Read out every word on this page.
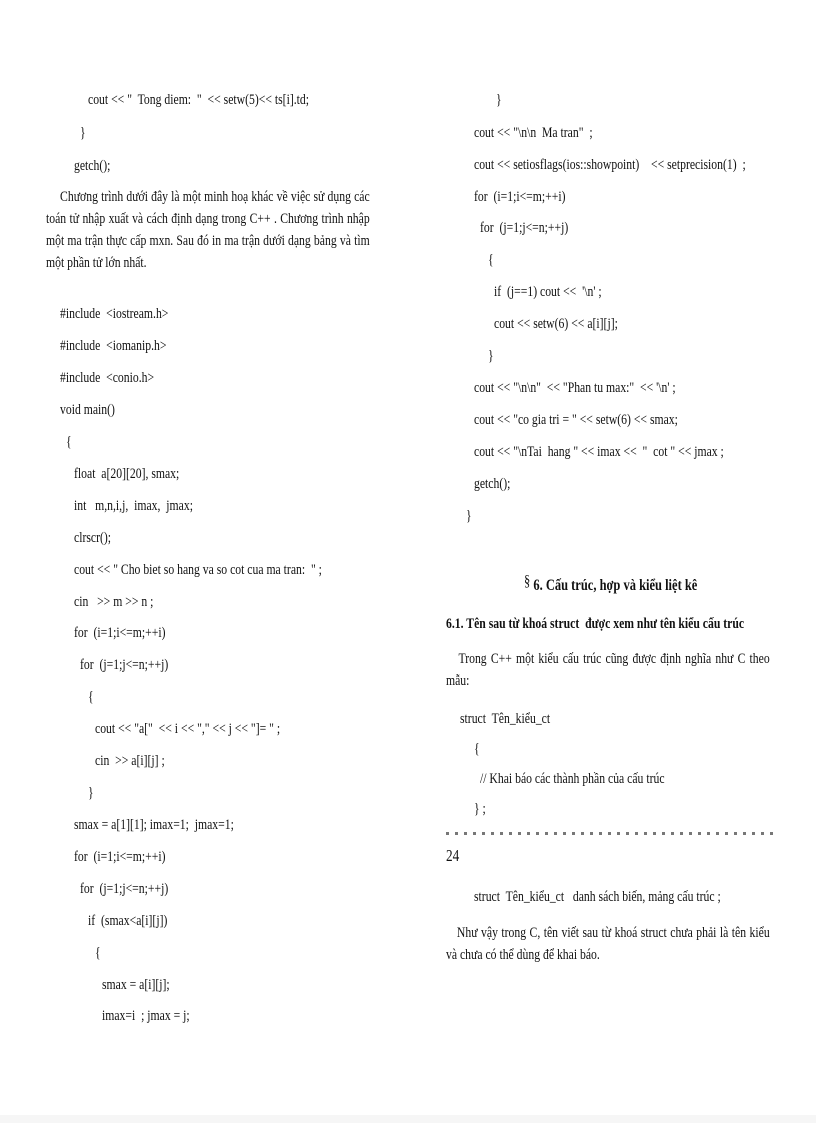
cout << "  Tong diem:  "  << setw(5)<< ts[i].td;
}
getch();
Chương trình dưới đây là một minh hoạ khác về việc sử dụng các toán tử nhập xuất và cách định dạng trong C++ . Chương trình nhập một ma trận thực cấp mxn. Sau đó in ma trận dưới dạng bảng và tìm một phần tử lớn nhất.
#include  <iostream.h>
#include  <iomanip.h>
#include  <conio.h>
void main()
{
float  a[20][20], smax;
int   m,n,i,j,  imax,  jmax;
clrscr();
cout << " Cho biet so hang va so cot cua ma tran:  " ;
cin   >> m >> n ;
for  (i=1;i<=m;++i)
for  (j=1;j<=n;++j)
{
cout << "a["  << i << "," << j << "]= " ;
cin  >> a[i][j] ;
}
smax = a[1][1]; imax=1;  jmax=1;
for  (i=1;i<=m;++i)
for  (j=1;j<=n;++j)
if  (smax<a[i][j])
{
smax = a[i][j];
imax=i  ; jmax = j;
}
cout << "\n\n  Ma tran"  ;
cout << setiosflags(ios::showpoint)    << setprecision(1)  ;
for  (i=1;i<=m;++i)
for  (j=1;j<=n;++j)
{
if  (j==1) cout <<  '\n' ;
cout << setw(6) << a[i][j];
}
cout << "\n\n"  << "Phan tu max:"  << '\n' ;
cout << "co gia tri = " << setw(6) << smax;
cout << "\nTai  hang " << imax <<  "  cot " << jmax ;
getch();
}
§ 6. Cấu trúc, hợp và kiểu liệt kê
6.1. Tên sau từ khoá struct  được xem như tên kiểu cấu trúc
Trong C++ một kiểu cấu trúc cũng được định nghĩa như C theo mẫu:
struct  Tên_kiểu_ct
{
// Khai báo các thành phần của cấu trúc
} ;
24
struct  Tên_kiểu_ct   danh sách biến, mảng cấu trúc ;
Như vậy trong C, tên viết sau từ khoá struct chưa phải là tên kiểu và chưa có thể dùng để khai báo.
